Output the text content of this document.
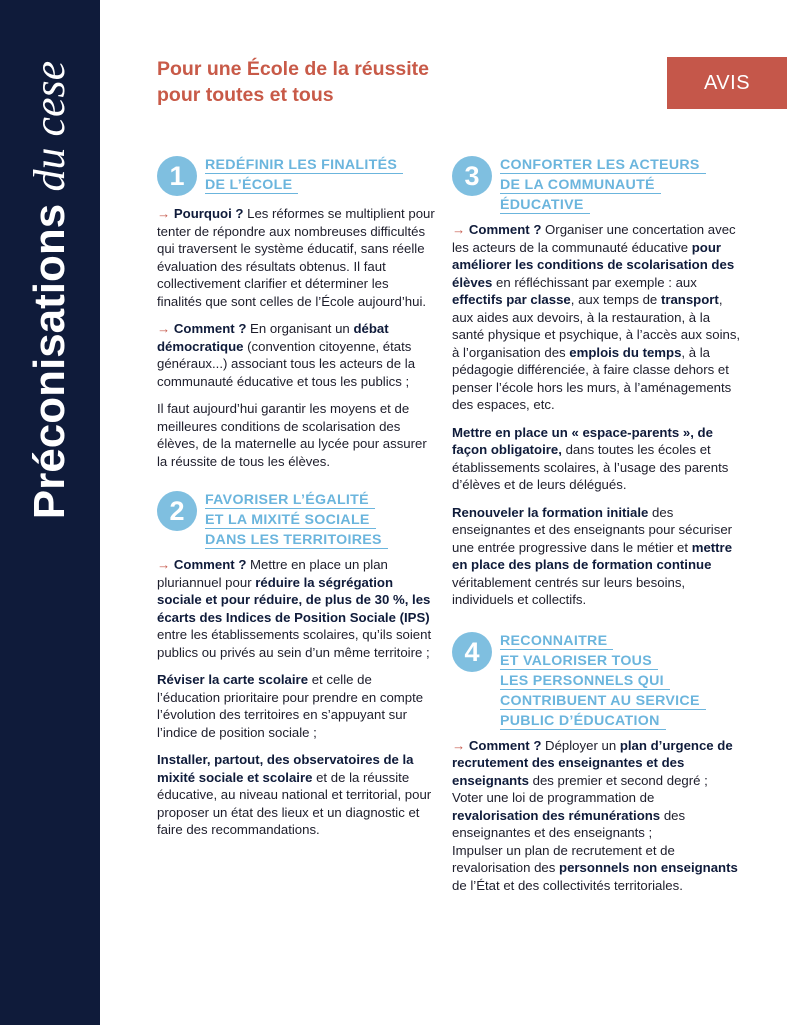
Préconisations du cese	Pour une École de la réussite
pour toutes et tous
AVIS
1	REDÉFINIR LES FINALITÉS
DE L’ÉCOLE

→ Pourquoi ? Les réformes se multiplient pour tenter de répondre aux nombreuses difficultés qui traversent le système éducatif, sans réelle évaluation des résultats obtenus. Il faut collectivement clarifier et déterminer les finalités que sont celles de l’École aujourd’hui.

→ Comment ? En organisant un débat démocratique (convention citoyenne, états généraux...) associant tous les acteurs de la communauté éducative et tous les publics ;

Il faut aujourd’hui garantir les moyens et de meilleures conditions de scolarisation des élèves, de la maternelle au lycée pour assurer la réussite de tous les élèves.

2	FAVORISER L’ÉGALITÉ
ET LA MIXITÉ SOCIALE
DANS LES TERRITOIRES

→ Comment ? Mettre en place un plan pluriannuel pour réduire la ségrégation sociale et pour réduire, de plus de 30 %, les écarts des Indices de Position Sociale (IPS) entre les établissements scolaires, qu’ils soient publics ou privés au sein d’un même territoire ;

Réviser la carte scolaire et celle de l’éducation prioritaire pour prendre en compte l’évolution des territoires en s’appuyant sur l’indice de position sociale ;

Installer, partout, des observatoires de la mixité sociale et scolaire et de la réussite éducative, au niveau national et territorial, pour proposer un état des lieux et un diagnostic et faire des recommandations.

3	CONFORTER LES ACTEURS
DE LA COMMUNAUTÉ
ÉDUCATIVE

→ Comment ? Organiser une concertation avec les acteurs de la communauté éducative pour améliorer les conditions de scolarisation des élèves en réfléchissant par exemple : aux effectifs par classe, aux temps de transport, aux aides aux devoirs, à la restauration, à la santé physique et psychique, à l’accès aux soins, à l’organisation des emplois du temps, à la pédagogie différenciée, à faire classe dehors et penser l’école hors les murs, à l’aménagements des espaces, etc.

Mettre en place un « espace-parents », de façon obligatoire, dans toutes les écoles et établissements scolaires, à l’usage des parents d’élèves et de leurs délégués.

Renouveler la formation initiale des enseignantes et des enseignants pour sécuriser une entrée progressive dans le métier et mettre en place des plans de formation continue véritablement centrés sur leurs besoins, individuels et collectifs.

4	RECONNAITRE
ET VALORISER TOUS
LES PERSONNELS QUI
CONTRIBUENT AU SERVICE
PUBLIC D’ÉDUCATION

→ Comment ? Déployer un plan d’urgence de recrutement des enseignantes et des enseignants des premier et second degré ;

Voter une loi de programmation de revalorisation des rémunérations des enseignantes et des enseignants ;

Impulser un plan de recrutement et de revalorisation des personnels non enseignants de l’État et des collectivités territoriales.
